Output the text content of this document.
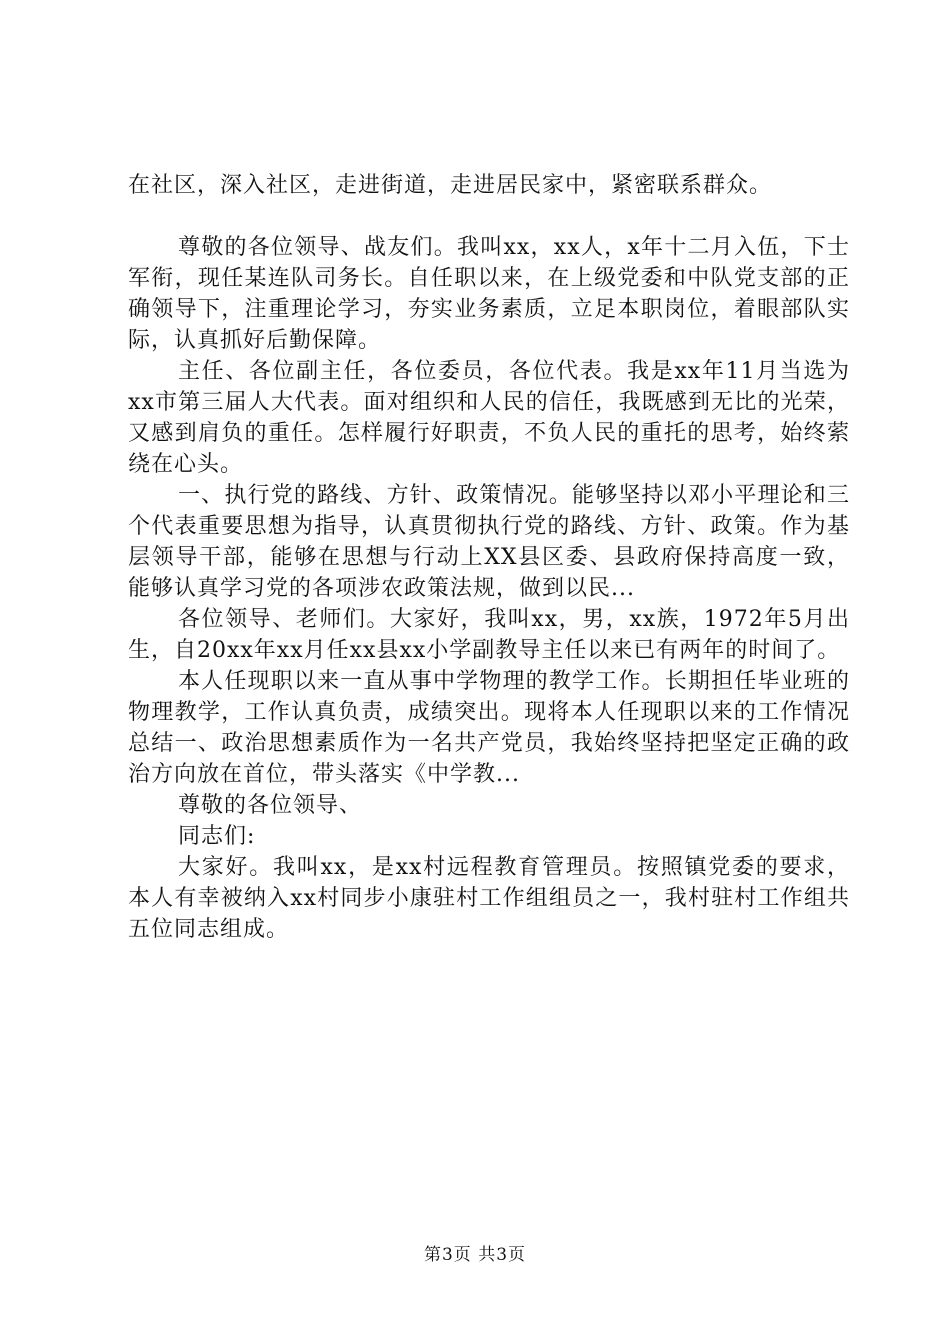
在社区，深入社区，走进街道，走进居民家中，紧密联系群众。

尊敬的各位领导、战友们。我叫xx，xx人，x年十二月入伍，下士军衔，现任某连队司务长。自任职以来，在上级党委和中队党支部的正确领导下，注重理论学习，夯实业务素质，立足本职岗位，着眼部队实际，认真抓好后勤保障。

主任、各位副主任，各位委员，各位代表。我是xx年11月当选为xx市第三届人大代表。面对组织和人民的信任，我既感到无比的光荣，又感到肩负的重任。怎样履行好职责，不负人民的重托的思考，始终萦绕在心头。

一、执行党的路线、方针、政策情况。能够坚持以邓小平理论和三个代表重要思想为指导，认真贯彻执行党的路线、方针、政策。作为基层领导干部，能够在思想与行动上XX县区委、县政府保持高度一致，能够认真学习党的各项涉农政策法规，做到以民...

各位领导、老师们。大家好，我叫xx，男，xx族，1972年5月出生，自20xx年xx月任xx县xx小学副教导主任以来已有两年的时间了。

本人任现职以来一直从事中学物理的教学工作。长期担任毕业班的物理教学，工作认真负责，成绩突出。现将本人任现职以来的工作情况总结一、政治思想素质作为一名共产党员，我始终坚持把坚定正确的政治方向放在首位，带头落实《中学教...

尊敬的各位领导、

同志们:

大家好。我叫xx，是xx村远程教育管理员。按照镇党委的要求，本人有幸被纳入xx村同步小康驻村工作组组员之一，我村驻村工作组共五位同志组成。

第3页 共3页
